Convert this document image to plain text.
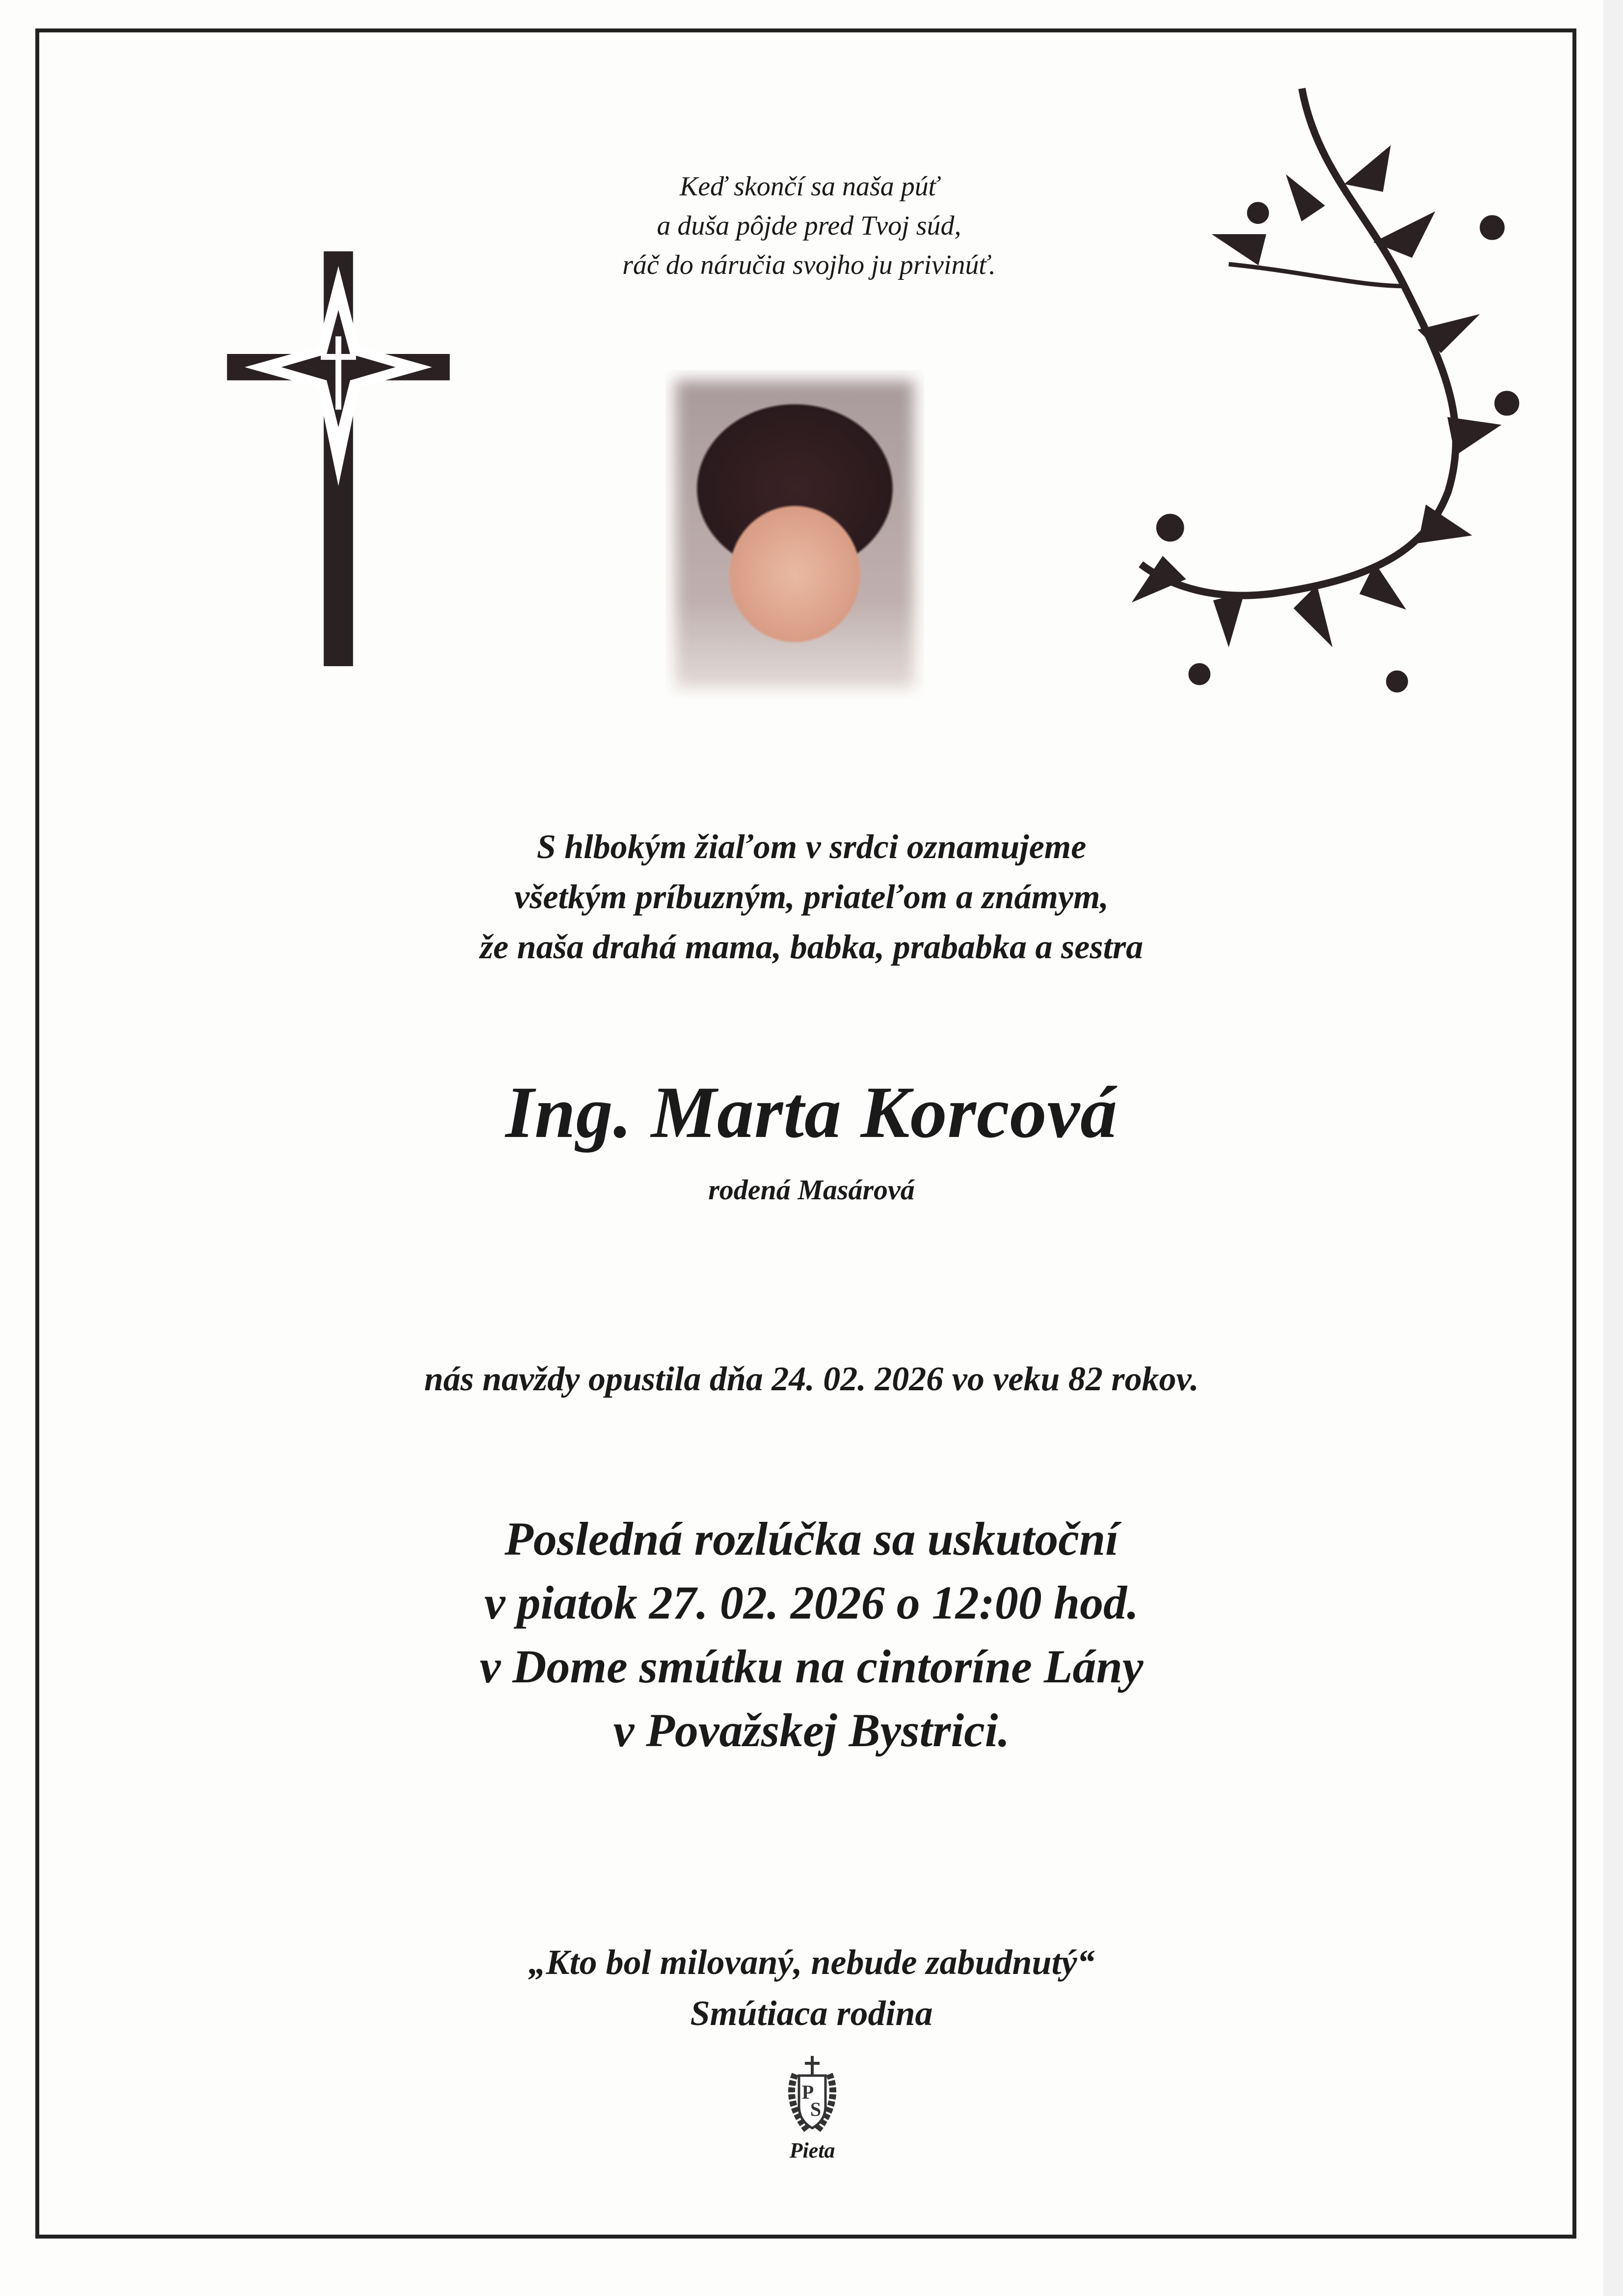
Keď skončí sa naša púť
a duša pôjde pred Tvoj súd,
ráč do náručia svojho ju privinúť.
S hlbokým žiaľom v srdci oznamujeme
všetkým príbuzným, priateľom a známym,
že naša drahá mama, babka, prababka a sestra
Ing. Marta Korcová
rodená Masárová
nás navždy opustila dňa 24. 02. 2026 vo veku 82 rokov.
Posledná rozlúčka sa uskutoční
v piatok 27. 02. 2026 o 12:00 hod.
v Dome smútku na cintoríne Lány
v Považskej Bystrici.
„Kto bol milovaný, nebude zabudnutý“
Smútiaca rodina
P
S
Pieta
